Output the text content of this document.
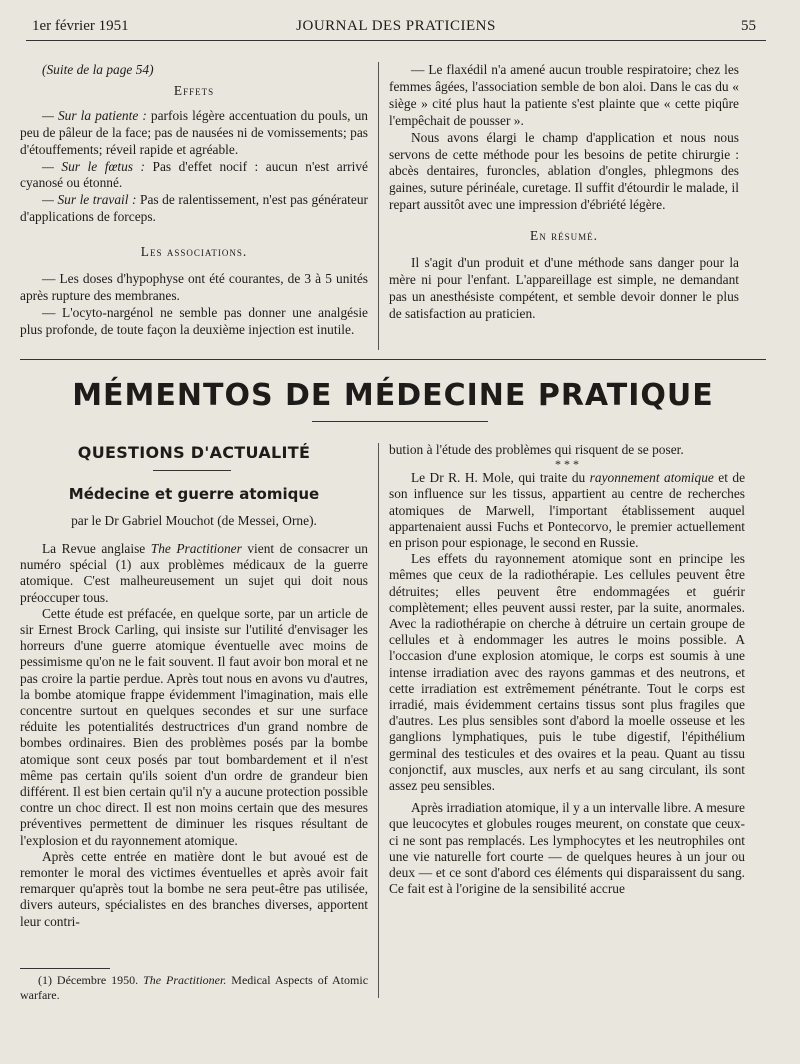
1er février 1951	JOURNAL DES PRATICIENS	55

(Suite de la page 54)

Effets

— Sur la patiente : parfois légère accentuation du pouls, un peu de pâleur de la face; pas de nausées ni de vomissements; pas d'étouffements; réveil rapide et agréable.

— Sur le fœtus : Pas d'effet nocif : aucun n'est arrivé cyanosé ou étonné.

— Sur le travail : Pas de ralentissement, n'est pas générateur d'applications de forceps.

Les associations.

— Les doses d'hypophyse ont été courantes, de 3 à 5 unités après rupture des membranes.

— L'ocyto-nargénol ne semble pas donner une analgésie plus profonde, de toute façon la deuxième injection est inutile.

— Le flaxédil n'a amené aucun trouble respiratoire; chez les femmes âgées, l'association semble de bon aloi. Dans le cas du « siège » cité plus haut la patiente s'est plainte que « cette piqûre l'empêchait de pousser ».

Nous avons élargi le champ d'application et nous nous servons de cette méthode pour les besoins de petite chirurgie : abcès dentaires, furoncles, ablation d'ongles, phlegmons des gaines, suture périnéale, curetage. Il suffit d'étourdir le malade, il repart aussitôt avec une impression d'ébriété légère.

En résumé.

Il s'agit d'un produit et d'une méthode sans danger pour la mère ni pour l'enfant. L'appareillage est simple, ne demandant pas un anesthésiste compétent, et semble devoir donner le plus de satisfaction au praticien.

MÉMENTOS DE MÉDECINE PRATIQUE
QUESTIONS D'ACTUALITÉ
Médecine et guerre atomique
par le Dr Gabriel Mouchot (de Messei, Orne).

La Revue anglaise The Practitioner vient de consacrer un numéro spécial (1) aux problèmes médicaux de la guerre atomique. C'est malheureusement un sujet qui doit nous préoccuper tous.

Cette étude est préfacée, en quelque sorte, par un article de sir Ernest Brock Carling, qui insiste sur l'utilité d'envisager les horreurs d'une guerre atomique éventuelle avec moins de pessimisme qu'on ne le fait souvent. Il faut avoir bon moral et ne pas croire la partie perdue. Après tout nous en avons vu d'autres, la bombe atomique frappe évidemment l'imagination, mais elle concentre surtout en quelques secondes et sur une surface réduite les potentialités destructrices d'un grand nombre de bombes ordinaires. Bien des problèmes posés par la bombe atomique sont ceux posés par tout bombardement et il n'est même pas certain qu'ils soient d'un ordre de grandeur bien différent. Il est bien certain qu'il n'y a aucune protection possible contre un choc direct. Il est non moins certain que des mesures préventives permettent de diminuer les risques résultant de l'explosion et du rayonnement atomique.

Après cette entrée en matière dont le but avoué est de remonter le moral des victimes éventuelles et après avoir fait remarquer qu'après tout la bombe ne sera peut-être pas utilisée, divers auteurs, spécialistes en des branches diverses, apportent leur contri-

bution à l'étude des problèmes qui risquent de se poser.

* * *

Le Dr R. H. Mole, qui traite du rayonnement atomique et de son influence sur les tissus, appartient au centre de recherches atomiques de Marwell, l'important établissement auquel appartenaient aussi Fuchs et Pontecorvo, le premier actuellement en prison pour espionage, le second en Russie.

Les effets du rayonnement atomique sont en principe les mêmes que ceux de la radiothérapie. Les cellules peuvent être détruites; elles peuvent être endommagées et guérir complètement; elles peuvent aussi rester, par la suite, anormales. Avec la radiothérapie on cherche à détruire un certain groupe de cellules et à endommager les autres le moins possible. A l'occasion d'une explosion atomique, le corps est soumis à une intense irradiation avec des rayons gammas et des neutrons, et cette irradiation est extrêmement pénétrante. Tout le corps est irradié, mais évidemment certains tissus sont plus fragiles que d'autres. Les plus sensibles sont d'abord la moelle osseuse et les ganglions lymphatiques, puis le tube digestif, l'épithélium germinal des testicules et des ovaires et la peau. Quant au tissu conjonctif, aux muscles, aux nerfs et au sang circulant, ils sont assez peu sensibles.

Après irradiation atomique, il y a un intervalle libre. A mesure que leucocytes et globules rouges meurent, on constate que ceux-ci ne sont pas remplacés. Les lymphocytes et les neutrophiles ont une vie naturelle fort courte — de quelques heures à un jour ou deux — et ce sont d'abord ces éléments qui disparaissent du sang. Ce fait est à l'origine de la sensibilité accrue

(1) Décembre 1950. The Practitioner. Medical Aspects of Atomic warfare.
